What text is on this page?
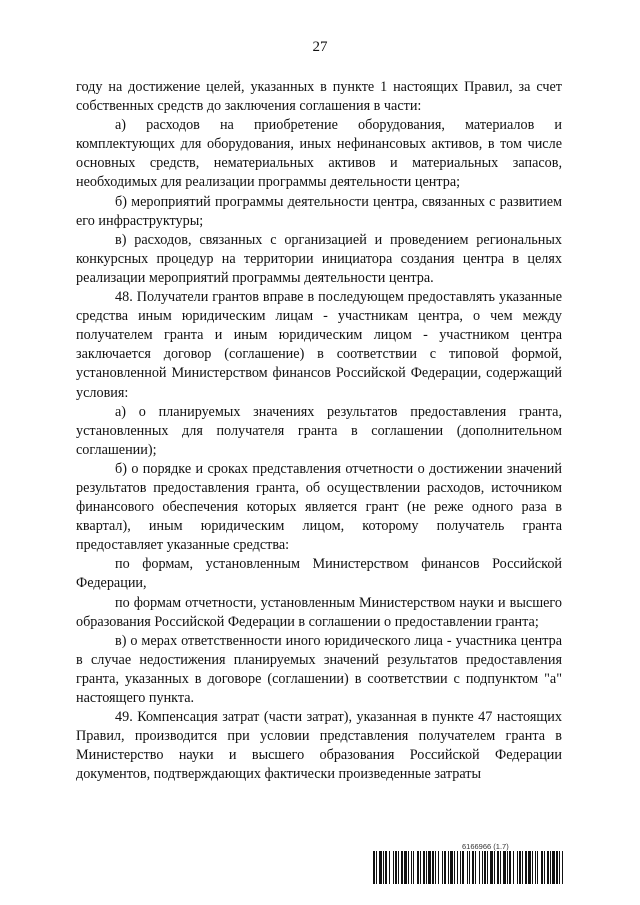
27

году на достижение целей, указанных в пункте 1 настоящих Правил, за счет собственных средств до заключения соглашения в части:

а) расходов на приобретение оборудования, материалов и комплектующих для оборудования, иных нефинансовых активов, в том числе основных средств, нематериальных активов и материальных запасов, необходимых для реализации программы деятельности центра;

б) мероприятий программы деятельности центра, связанных с развитием его инфраструктуры;

в) расходов, связанных с организацией и проведением региональных конкурсных процедур на территории инициатора создания центра в целях реализации мероприятий программы деятельности центра.

48. Получатели грантов вправе в последующем предоставлять указанные средства иным юридическим лицам - участникам центра, о чем между получателем гранта и иным юридическим лицом - участником центра заключается договор (соглашение) в соответствии с типовой формой, установленной Министерством финансов Российской Федерации, содержащий условия:

а) о планируемых значениях результатов предоставления гранта, установленных для получателя гранта в соглашении (дополнительном соглашении);

б) о порядке и сроках представления отчетности о достижении значений результатов предоставления гранта, об осуществлении расходов, источником финансового обеспечения которых является грант (не реже одного раза в квартал), иным юридическим лицом, которому получатель гранта предоставляет указанные средства:

по формам, установленным Министерством финансов Российской Федерации,

по формам отчетности, установленным Министерством науки и высшего образования Российской Федерации в соглашении о предоставлении гранта;

в) о мерах ответственности иного юридического лица - участника центра в случае недостижения планируемых значений результатов предоставления гранта, указанных в договоре (соглашении) в соответствии с подпунктом "а" настоящего пункта.

49. Компенсация затрат (части затрат), указанная в пункте 47 настоящих Правил, производится при условии представления получателем гранта в Министерство науки и высшего образования Российской Федерации документов, подтверждающих фактически произведенные затраты

6166966 (1.7)
